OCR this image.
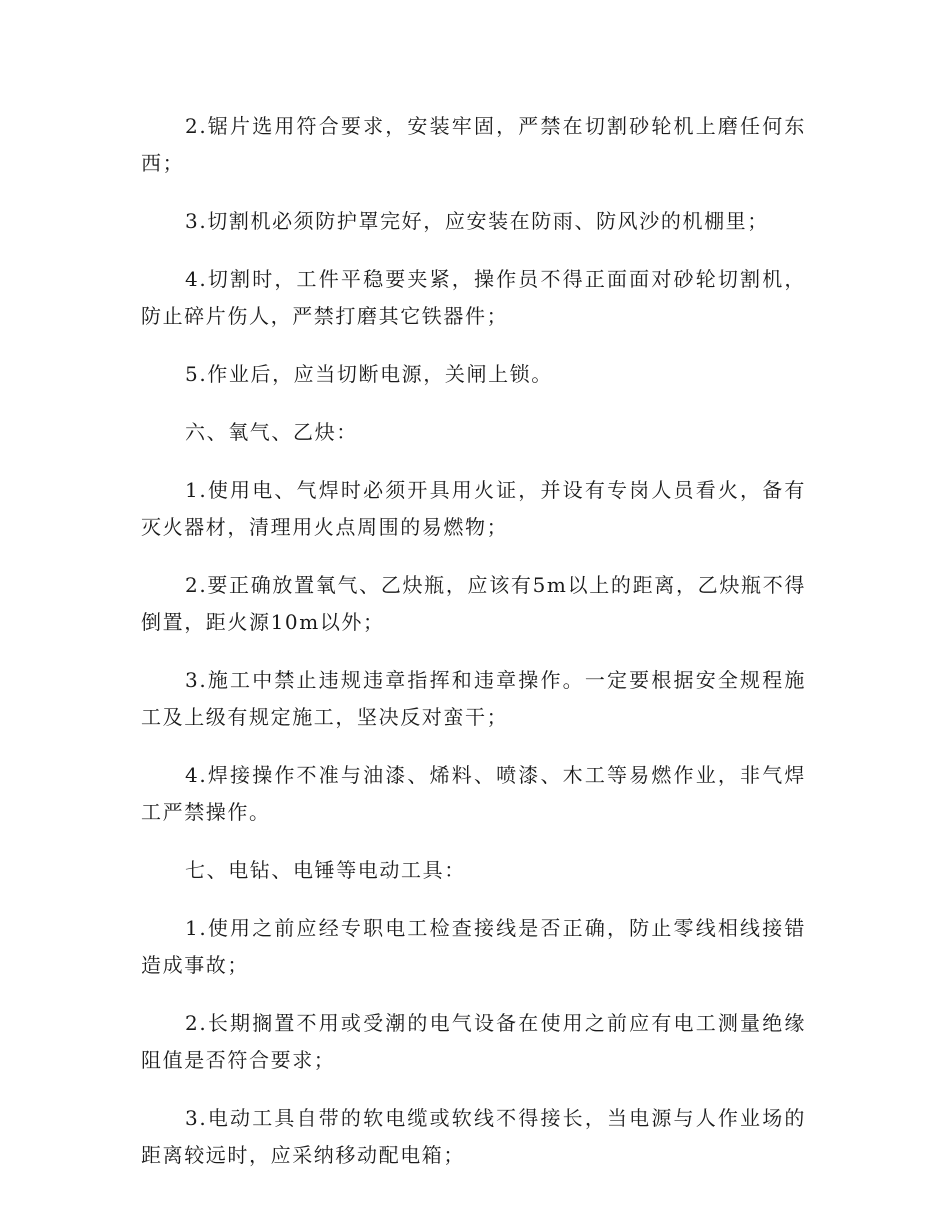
2.锯片选用符合要求，安装牢固，严禁在切割砂轮机上磨任何东西；

3.切割机必须防护罩完好，应安装在防雨、防风沙的机棚里；

4.切割时，工件平稳要夹紧，操作员不得正面面对砂轮切割机，防止碎片伤人，严禁打磨其它铁器件；

5.作业后，应当切断电源，关闸上锁。

六、氧气、乙炔：

1.使用电、气焊时必须开具用火证，并设有专岗人员看火，备有灭火器材，清理用火点周围的易燃物；

2.要正确放置氧气、乙炔瓶，应该有5m以上的距离，乙炔瓶不得倒置，距火源10m以外；

3.施工中禁止违规违章指挥和违章操作。一定要根据安全规程施工及上级有规定施工，坚决反对蛮干；

4.焊接操作不准与油漆、烯料、喷漆、木工等易燃作业，非气焊工严禁操作。

七、电钻、电锤等电动工具：

1.使用之前应经专职电工检查接线是否正确，防止零线相线接错造成事故；

2.长期搁置不用或受潮的电气设备在使用之前应有电工测量绝缘阻值是否符合要求；

3.电动工具自带的软电缆或软线不得接长，当电源与人作业场的距离较远时，应采纳移动配电箱；
